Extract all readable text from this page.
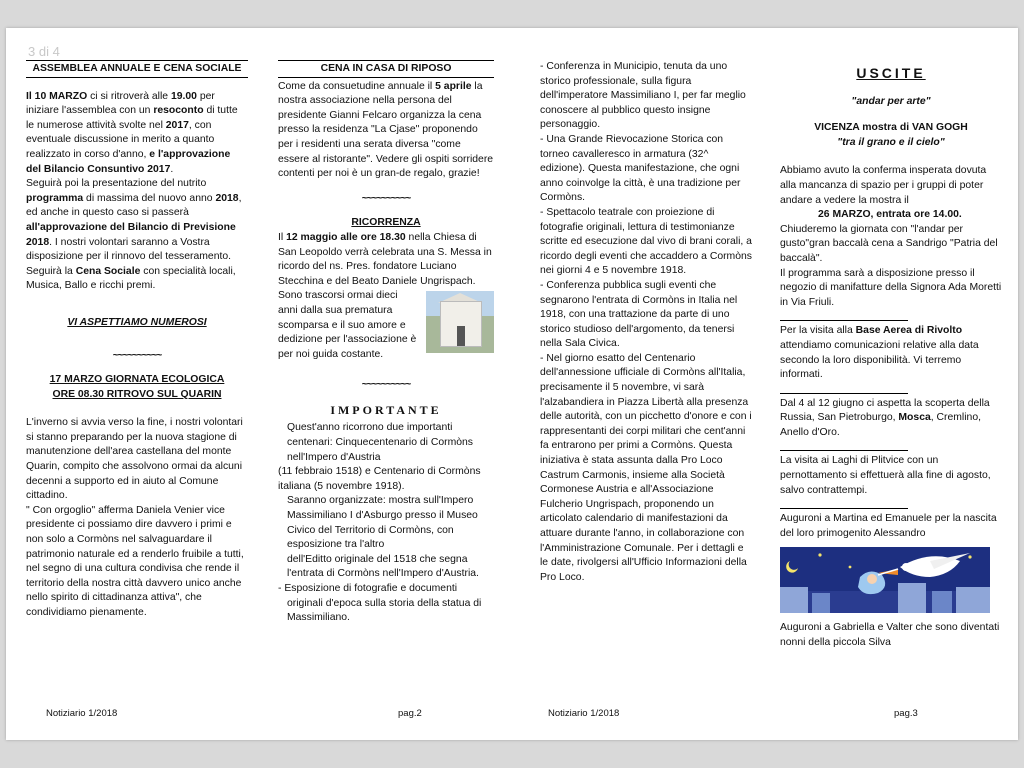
3 di 4
ASSEMBLEA ANNUALE E CENA SOCIALE

Il 10 MARZO ci si ritroverà alle 19.00 per iniziare l'assemblea con un resoconto di tutte le numerose attività svolte nel 2017, con eventuale discussione in merito a quanto realizzato in corso d'anno, e l'approvazione del Bilancio Consuntivo 2017.

Seguirà poi la presentazione del nutrito programma di massima del nuovo anno 2018, ed anche in questo caso si passerà all'approvazione del Bilancio di Previsione 2018. I nostri volontari saranno a Vostra disposizione per il rinnovo del tesseramento. Seguirà la Cena Sociale con specialità locali, Musica, Ballo e ricchi premi.

VI ASPETTIAMO NUMEROSI

~~~~~~~~~~

17 MARZO GIORNATA ECOLOGICA

ORE 08.30 RITROVO SUL QUARIN

L'inverno si avvia verso la fine, i nostri volontari si stanno preparando per la nuova stagione di manutenzione dell'area castellana del monte Quarin, compito che assolvono ormai da alcuni decenni a supporto ed in aiuto al Comune cittadino.

" Con orgoglio" afferma Daniela Venier vice presidente ci possiamo dire davvero i primi e non solo a Cormòns nel salvaguardare il patrimonio naturale ed a renderlo fruibile a tutti, nel segno di una cultura condivisa che rende il territorio della nostra città davvero unico anche nello spirito di cittadinanza attiva", che condividiamo pienamente.

Notiziario 1/2018
CENA IN CASA DI RIPOSO

Come da consuetudine annuale il 5 aprile la nostra associazione nella persona del presidente Gianni Felcaro organizza la cena presso la residenza "La Cjase" proponendo per i residenti una serata diversa "come essere al ristorante". Vedere gli ospiti sorridere contenti per noi è un gran-de regalo, grazie!

~~~~~~~~~~

RICORRENZA

Il 12 maggio alle ore 18.30 nella Chiesa di San Leopoldo verrà celebrata una S. Messa in ricordo del ns. Pres. fondatore Luciano Stecchina e del Beato Daniele Ungrispach.

Sono trascorsi ormai dieci anni dalla sua prematura scomparsa e il suo amore e dedizione per l'associazione è per noi guida costante.

~~~~~~~~~~
IMPORTANTE

Quest'anno ricorrono due importanti centenari: Cinquecentenario di Cormòns nell'Impero d'Austria

(11 febbraio 1518) e Centenario di Cormòns italiana (5 novembre 1918).

Saranno organizzate: mostra sull'Impero Massimiliano I d'Asburgo presso il Museo Civico del Territorio di Cormòns, con esposizione tra l'altro

dell'Editto originale del 1518 che segna l'entrata di Cormòns nell'Impero d'Austria.

- Esposizione di fotografie e documenti originali d'epoca sulla storia della statua di Massimiliano.

pag.2

- Conferenza in Municipio, tenuta da uno storico professionale, sulla figura dell'imperatore Massimiliano I, per far meglio conoscere al pubblico questo insigne personaggio.

- Una Grande Rievocazione Storica con torneo cavalleresco in armatura (32^ edizione). Questa manifestazione, che ogni anno coinvolge la città, è una tradizione per Cormòns.

- Spettacolo teatrale con proiezione di fotografie originali, lettura di testimonianze scritte ed esecuzione dal vivo di brani corali, a ricordo degli eventi che accaddero a Cormòns nei giorni 4 e 5 novembre 1918.

- Conferenza pubblica sugli eventi che segnarono l'entrata di Cormòns in Italia nel 1918, con una trattazione da parte di uno storico studioso dell'argomento, da tenersi nella Sala Civica.

- Nel giorno esatto del Centenario dell'annessione ufficiale di Cormòns all'Italia, precisamente il 5 novembre, vi sarà l'alzabandiera in Piazza Libertà alla presenza delle autorità, con un picchetto d'onore e con i rappresentanti dei corpi militari che cent'anni fa entrarono per primi a Cormòns. Questa iniziativa è stata assunta dalla Pro Loco Castrum Carmonis, insieme alla Società Cormonese Austria e all'Associazione Fulcherio Ungrispach, proponendo un articolato calendario di manifestazioni da attuare durante l'anno, in collaborazione con l'Amministrazione Comunale. Per i dettagli e le date, rivolgersi all'Ufficio Informazioni della Pro Loco.

Notiziario 1/2018
USCITE

"andar per arte"

VICENZA mostra di VAN GOGH

"tra il grano e il cielo"

Abbiamo avuto la conferma insperata dovuta alla mancanza di spazio per i gruppi di poter andare a vedere la mostra il

26 MARZO, entrata ore 14.00.

Chiuderemo la giornata con "l'andar per gusto"gran baccalà cena a Sandrigo "Patria del baccalà".

Il programma sarà a disposizione presso il negozio di manifatture della Signora Ada Moretti in Via Friuli.

Per la visita alla Base Aerea di Rivolto attendiamo comunicazioni relative alla data secondo la loro disponibilità. Vi terremo informati.

Dal 4 al 12 giugno ci aspetta la scoperta della Russia, San Pietroburgo, Mosca, Cremlino, Anello d'Oro.

La visita ai Laghi di Plitvice con un pernottamento si effettuerà alla fine di agosto, salvo contrattempi.

Auguroni a Martina ed Emanuele per la nascita del loro primogenito Alessandro

Auguroni a Gabriella e Valter che sono diventati nonni della piccola Silva

pag.3
